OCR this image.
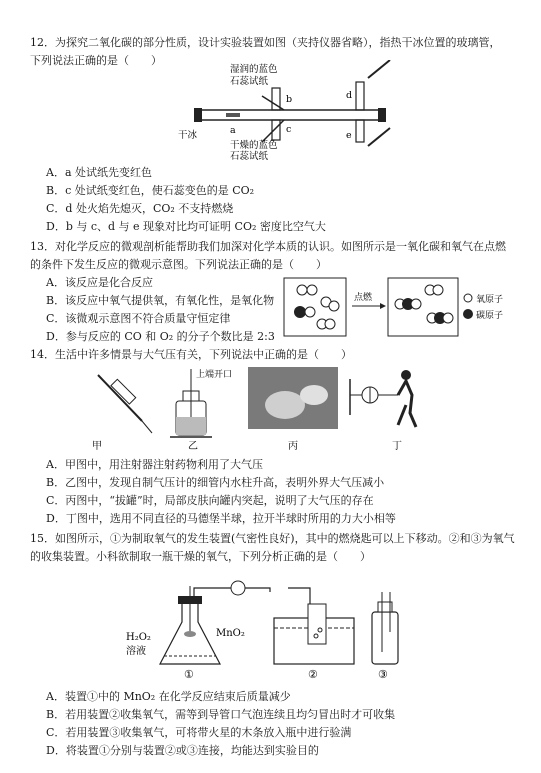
12．为探究二氧化碳的部分性质，设计实验装置如图（夹持仪器省略），指热干冰位置的玻璃管，
下列说法正确的是（　　）
湿润的蓝色
石蕊试纸
a
b
c
d
e
干冰
干燥的蓝色
石蕊试纸
A．a 处试纸先变红色
B．c 处试纸变红色，使石蕊变色的是 CO₂
C．d 处火焰先熄灭，CO₂ 不支持燃烧
D．b 与 c、d 与 e 现象对比均可证明 CO₂ 密度比空气大
13．对化学反应的微观剖析能帮助我们加深对化学本质的认识。如图所示是一氧化碳和氧气在点燃
的条件下发生反应的微观示意图。下列说法正确的是（　　）
A．该反应是化合反应
B．该反应中氧气提供氧，有氧化性，是氧化物
C．该微观示意图不符合质量守恒定律
D．参与反应的 CO 和 O₂ 的分子个数比是 2:3
点燃	氧原子
碳原子
14．生活中许多情景与大气压有关，下列说法中正确的是（　　）
上端开口
甲	乙	丙	丁
A．甲图中，用注射器注射药物利用了大气压
B．乙图中，发现自制气压计的细管内水柱升高，表明外界大气压减小
C．丙图中，“拔罐”时，局部皮肤向罐内突起，说明了大气压的存在
D．丁图中，选用不同直径的马德堡半球，拉开半球时所用的力大小相等
15．如图所示，①为制取氧气的发生装置(气密性良好)，其中的燃烧匙可以上下移动。②和③为氧气
的收集装置。小科欲制取一瓶干燥的氧气，下列分析正确的是（　　）
H₂O₂
溶液
MnO₂
①	②	③
A．装置①中的 MnO₂ 在化学反应结束后质量减少
B．若用装置②收集氧气，需等到导管口气泡连续且均匀冒出时才可收集
C．若用装置③收集氧气，可将带火星的木条放入瓶中进行验满
D．将装置①分别与装置②或③连接，均能达到实验目的
